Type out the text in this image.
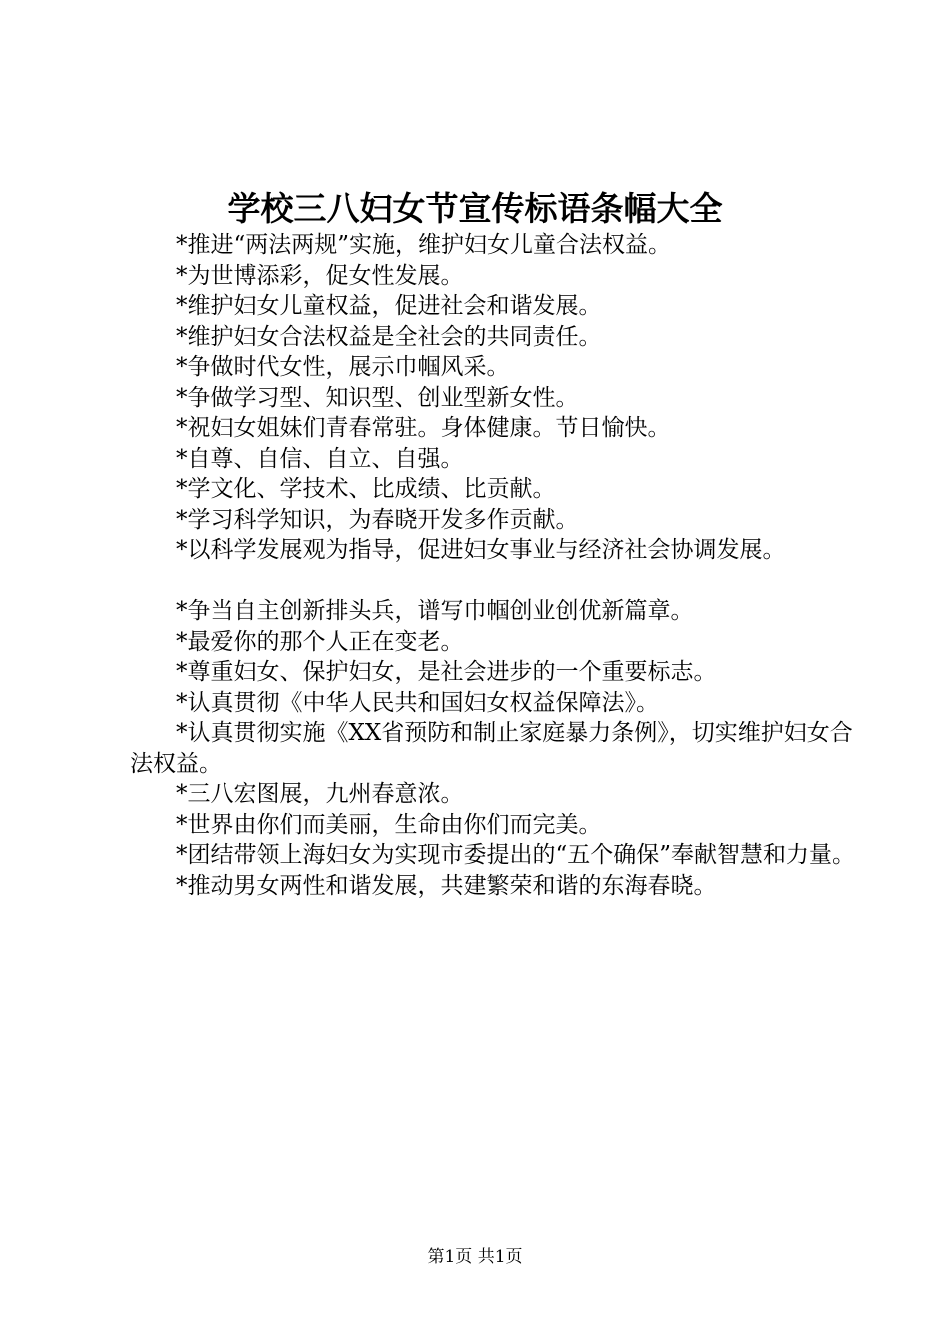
学校三八妇女节宣传标语条幅大全

*推进“两法两规”实施，维护妇女儿童合法权益。

*为世博添彩，促女性发展。

*维护妇女儿童权益，促进社会和谐发展。

*维护妇女合法权益是全社会的共同责任。

*争做时代女性，展示巾帼风采。

*争做学习型、知识型、创业型新女性。

*祝妇女姐妹们青春常驻。身体健康。节日愉快。

*自尊、自信、自立、自强。

*学文化、学技术、比成绩、比贡献。

*学习科学知识，为春晓开发多作贡献。

*以科学发展观为指导，促进妇女事业与经济社会协调发展。

*争当自主创新排头兵，谱写巾帼创业创优新篇章。

*最爱你的那个人正在变老。

*尊重妇女、保护妇女，是社会进步的一个重要标志。

*认真贯彻《中华人民共和国妇女权益保障法》。

*认真贯彻实施《XX省预防和制止家庭暴力条例》，切实维护妇女合法权益。

*三八宏图展，九州春意浓。

*世界由你们而美丽，生命由你们而完美。

*团结带领上海妇女为实现市委提出的“五个确保”奉献智慧和力量。

*推动男女两性和谐发展，共建繁荣和谐的东海春晓。

第1页 共1页
